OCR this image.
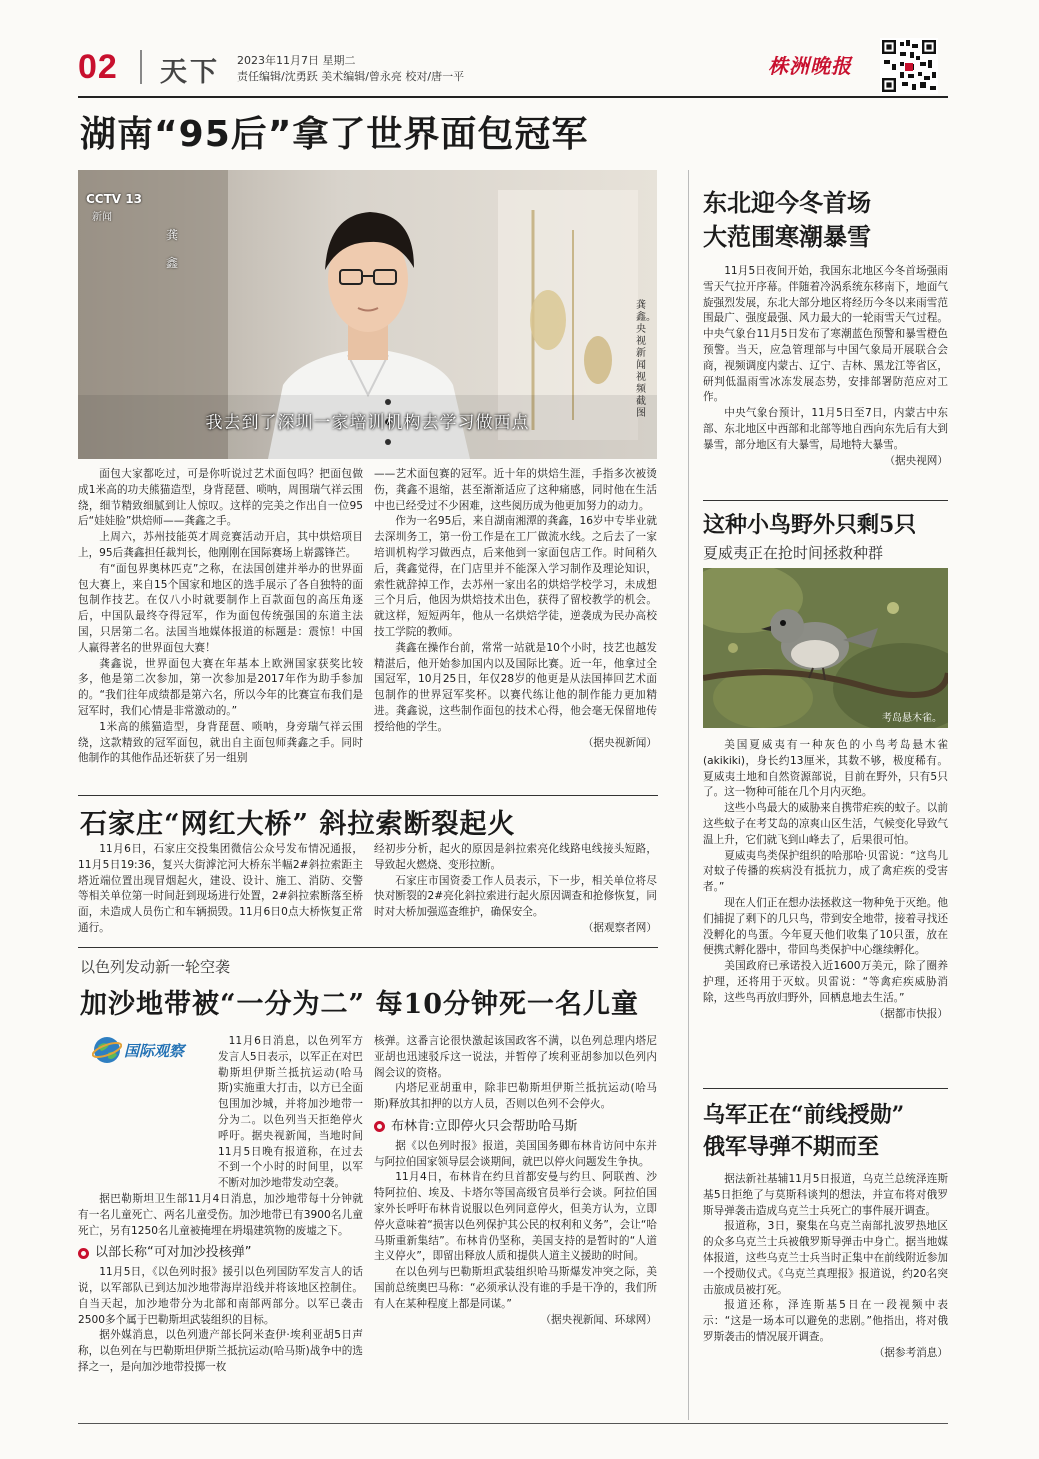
02 天下 2023年11月7日 星期二
责任编辑/沈勇跃 美术编辑/曾永亮 校对/唐一平	株洲晚报
湖南“95后”拿了世界面包冠军
CCTV 13
新闻
龚
鑫
我去到了深圳一家培训机构去学习做西点
龚鑫。央视新闻视频截图

面包大家都吃过，可是你听说过艺术面包吗？把面包做成1米高的功夫熊猫造型，身背琵琶、唢呐，周围瑞气祥云围绕，细节精致细腻到让人惊叹。这样的完美之作出自一位95后“娃娃脸”烘焙师——龚鑫之手。

上周六，苏州技能英才周竞赛活动开启，其中烘焙项目上，95后龚鑫担任裁判长，他刚刚在国际赛场上崭露锋芒。

有“面包界奥林匹克”之称，在法国创建并举办的世界面包大赛上，来自15个国家和地区的选手展示了各自独特的面包制作技艺。在仅八小时就要制作上百款面包的高压角逐后，中国队最终夺得冠军，作为面包传统强国的东道主法国，只居第二名。法国当地媒体报道的标题是：震惊！中国人赢得著名的世界面包大赛！

龚鑫说，世界面包大赛在年基本上欧洲国家获奖比较多，他是第二次参加，第一次参加是2017年作为助手参加的。“我们往年成绩都是第六名，所以今年的比赛宣布我们是冠军时，我们心情是非常激动的。”

1米高的熊猫造型，身背琵琶、唢呐，身旁瑞气祥云围绕，这款精致的冠军面包，就出自主面包师龚鑫之手。同时他制作的其他作品还斩获了另一组别

——艺术面包赛的冠军。近十年的烘焙生涯，手指多次被烫伤，龚鑫不退缩，甚至渐渐适应了这种痛感，同时他在生活中也已经受过不少困难，这些阅历成为他更加努力的动力。

作为一名95后，来自湖南湘潭的龚鑫，16岁中专毕业就去深圳务工，第一份工作是在工厂做流水线。之后去了一家培训机构学习做西点，后来他到一家面包店工作。时间稍久后，龚鑫觉得，在门店里并不能深入学习制作及理论知识，索性就辞掉工作，去苏州一家出名的烘焙学校学习，未成想三个月后，他因为烘焙技术出色，获得了留校教学的机会。就这样，短短两年，他从一名烘焙学徒，逆袭成为民办高校技工学院的教师。

龚鑫在操作台前，常常一站就是10个小时，技艺也越发精湛后，他开始参加国内以及国际比赛。近一年，他拿过全国冠军，10月25日，年仅28岁的他更是从法国捧回艺术面包制作的世界冠军奖杯。以赛代练让他的制作能力更加精进。龚鑫说，这些制作面包的技术心得，他会毫无保留地传授给他的学生。

（据央视新闻）
石家庄“网红大桥” 斜拉索断裂起火

11月6日，石家庄交投集团微信公众号发布情况通报，11月5日19:36，复兴大街滹沱河大桥东半幅2#斜拉索距主塔近端位置出现冒烟起火，建设、设计、施工、消防、交警等相关单位第一时间赶到现场进行处置，2#斜拉索断落至桥面，未造成人员伤亡和车辆损毁。11月6日0点大桥恢复正常通行。

经初步分析，起火的原因是斜拉索亮化线路电线接头短路，导致起火燃烧、变形拉断。

石家庄市国资委工作人员表示，下一步，相关单位将尽快对断裂的2#亮化斜拉索进行起火原因调查和抢修恢复，同时对大桥加强巡查维护，确保安全。

（据观察者网）
以色列发动新一轮空袭
加沙地带被“一分为二” 每10分钟死一名儿童
国际观察

11月6日消息，以色列军方发言人5日表示，以军正在对巴勒斯坦伊斯兰抵抗运动(哈马斯)实施重大打击，以方已全面包围加沙城，并将加沙地带一分为二。以色列当天拒绝停火呼吁。据央视新闻，当地时间11月5日晚有报道称，在过去不到一个小时的时间里，以军不断对加沙地带发动空袭。

据巴勒斯坦卫生部11月4日消息，加沙地带每十分钟就有一名儿童死亡、两名儿童受伤。加沙地带已有3900名儿童死亡，另有1250名儿童被掩埋在坍塌建筑物的废墟之下。

以部长称“可对加沙投核弹”

11月5日，《以色列时报》援引以色列国防军发言人的话说，以军部队已到达加沙地带海岸沿线并将该地区控制住。自当天起，加沙地带分为北部和南部两部分。以军已袭击2500多个属于巴勒斯坦武装组织的目标。

据外媒消息，以色列遗产部长阿米查伊·埃利亚胡5日声称，以色列在与巴勒斯坦伊斯兰抵抗运动(哈马斯)战争中的选择之一，是向加沙地带投掷一枚

核弹。这番言论很快激起该国政客不满，以色列总理内塔尼亚胡也迅速驳斥这一说法，并暂停了埃利亚胡参加以色列内阁会议的资格。

内塔尼亚胡重申，除非巴勒斯坦伊斯兰抵抗运动(哈马斯)释放其扣押的以方人员，否则以色列不会停火。

布林肯:立即停火只会帮助哈马斯

据《以色列时报》报道，美国国务卿布林肯访问中东并与阿拉伯国家领导层会谈期间，就巴以停火问题发生争执。

11月4日，布林肯在约旦首都安曼与约旦、阿联酋、沙特阿拉伯、埃及、卡塔尔等国高级官员举行会谈。阿拉伯国家外长呼吁布林肯说服以色列同意停火，但美方认为，立即停火意味着“损害以色列保护其公民的权利和义务”，会让“哈马斯重新集结”。布林肯仍坚称，美国支持的是暂时的“人道主义停火”，即留出释放人质和提供人道主义援助的时间。

在以色列与巴勒斯坦武装组织哈马斯爆发冲突之际，美国前总统奥巴马称：“必须承认没有谁的手是干净的，我们所有人在某种程度上都是同谋。”

（据央视新闻、环球网）
东北迎今冬首场
大范围寒潮暴雪

11月5日夜间开始，我国东北地区今冬首场强雨雪天气拉开序幕。伴随着冷涡系统东移南下，地面气旋强烈发展，东北大部分地区将经历今冬以来雨雪范围最广、强度最强、风力最大的一轮雨雪天气过程。中央气象台11月5日发布了寒潮蓝色预警和暴雪橙色预警。当天，应急管理部与中国气象局开展联合会商，视频调度内蒙古、辽宁、吉林、黑龙江等省区，研判低温雨雪冰冻发展态势，安排部署防范应对工作。

中央气象台预计，11月5日至7日，内蒙古中东部、东北地区中西部和北部等地自西向东先后有大到暴雪，部分地区有大暴雪，局地特大暴雪。

（据央视网）
这种小鸟野外只剩5只
夏威夷正在抢时间拯救种群
考岛悬木雀。

美国夏威夷有一种灰色的小鸟考岛悬木雀(akikiki)，身长约13厘米，其数不够，极度稀有。夏威夷土地和自然资源部说，目前在野外，只有5只了。这一物种可能在几个月内灭绝。

这些小鸟最大的威胁来自携带疟疾的蚊子。以前这些蚊子在考艾岛的凉爽山区生活，气候变化导致气温上升，它们就飞到山峰去了，后果很可怕。

夏威夷鸟类保护组织的哈那哈·贝雷说：“这鸟儿对蚊子传播的疾病没有抵抗力，成了禽疟疾的受害者。”

现在人们正在想办法拯救这一物种免于灭绝。他们捕捉了剩下的几只鸟，带到安全地带，接着寻找还没孵化的鸟蛋。今年夏天他们收集了10只蛋，放在便携式孵化器中，带回鸟类保护中心继续孵化。

美国政府已承诺投入近1600万美元，除了圈养护理，还将用于灭蚊。贝雷说：“等禽疟疾威胁消除，这些鸟再放归野外，回栖息地去生活。”

（据都市快报）
乌军正在“前线授勋”
俄军导弹不期而至

据法新社基辅11月5日报道，乌克兰总统泽连斯基5日拒绝了与莫斯科谈判的想法，并宣布将对俄罗斯导弹袭击造成乌克兰士兵死亡的事件展开调查。

报道称，3日，聚集在乌克兰南部扎波罗热地区的众多乌克兰士兵被俄罗斯导弹击中身亡。据当地媒体报道，这些乌克兰士兵当时正集中在前线附近参加一个授勋仪式。《乌克兰真理报》报道说，约20名突击旅成员被打死。

报道还称，泽连斯基5日在一段视频中表示：“这是一场本可以避免的悲剧。”他指出，将对俄罗斯袭击的情况展开调查。

（据参考消息）
